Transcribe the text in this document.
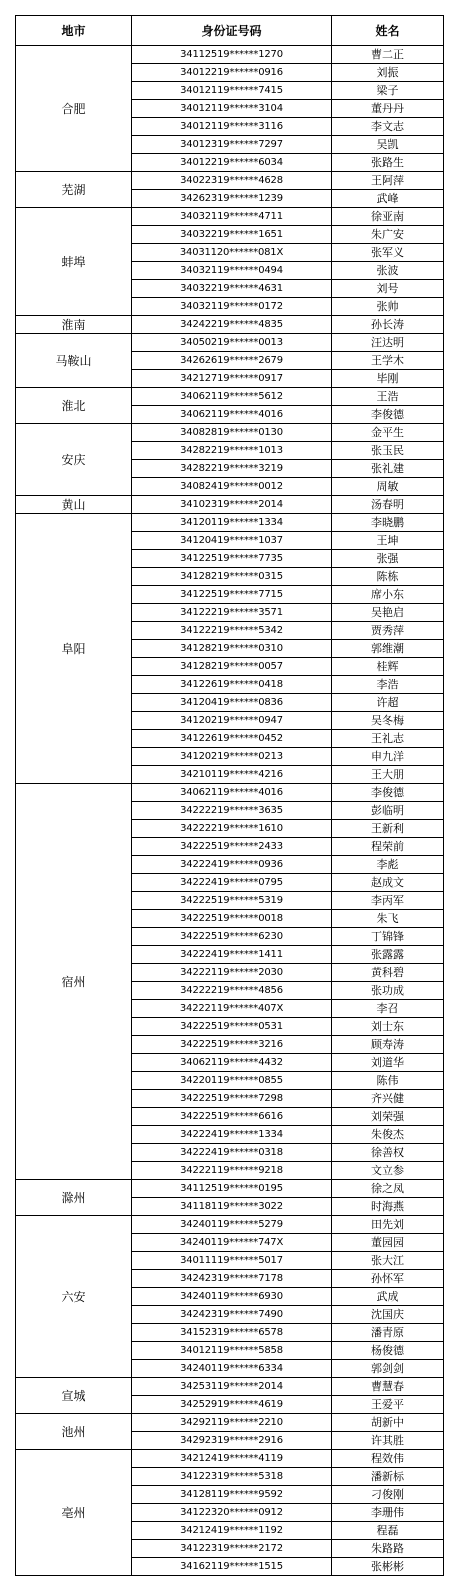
地市	身份证号码	姓名
合肥	34112519******1270	曹二正
	34012219******0916	刘振
	34012119******7415	梁子
	34012119******3104	董丹丹
	34012119******3116	李文志
	34012319******7297	吴凯
	34012219******6034	张路生
芜湖	34022319******4628	王阿萍
	34262319******1239	武峰
蚌埠	34032119******4711	徐亚南
	34032219******1651	朱广安
	34031120******081X	张军义
	34032119******0494	张波
	34032219******4631	刘号
	34032119******0172	张帅
淮南	34242219******4835	孙长涛
马鞍山	34050219******0013	汪达明
	34262619******2679	王学木
	34212719******0917	毕刚
淮北	34062119******5612	王浩
	34062119******4016	李俊德
安庆	34082819******0130	金平生
	34282219******1013	张玉民
	34282219******3219	张礼建
	34082419******0012	周敏
黄山	34102319******2014	汤春明
阜阳	34120119******1334	李晓鹏
	34120419******1037	王坤
	34122519******7735	张强
	34128219******0315	陈栋
	34122519******7715	席小东
	34122219******3571	吴艳启
	34122219******5342	贾秀萍
	34128219******0310	郭维潮
	34128219******0057	桂辉
	34122619******0418	李浩
	34120419******0836	许超
	34120219******0947	吴冬梅
	34122619******0452	王礼志
	34120219******0213	申九洋
	34210119******4216	王大朋
宿州	34062119******4016	李俊德
	34222219******3635	彭临明
	34222219******1610	王新利
	34222519******2433	程荣前
	34222419******0936	李彪
	34222419******0795	赵成文
	34222519******5319	李丙军
	34222519******0018	朱飞
	34222519******6230	丁锦锋
	34222419******1411	张露露
	34222119******2030	黄科碧
	34222219******4856	张功成
	34222119******407X	李召
	34222519******0531	刘士东
	34222519******3216	顾寿涛
	34062119******4432	刘道华
	34220119******0855	陈伟
	34222519******7298	齐兴健
	34222519******6616	刘荣强
	34222419******1334	朱俊杰
	34222419******0318	徐善权
	34222119******9218	文立参
滁州	34112519******0195	徐之凤
	34118119******3022	时海燕
六安	34240119******5279	田先刘
	34240119******747X	董园园
	34011119******5017	张大江
	34242319******7178	孙怀军
	34240119******6930	武成
	34242319******7490	沈国庆
	34152319******6578	潘青原
	34012119******5858	杨俊德
	34240119******6334	郭剑剑
宣城	34253119******2014	曹慧春
	34252919******4619	王爱平
池州	34292119******2210	胡新中
	34292319******2916	许其胜
亳州	34212419******4119	程效伟
	34122319******5318	潘新标
	34128119******9592	刁俊刚
	34122320******0912	李珊伟
	34212419******1192	程磊
	34122319******2172	朱路路
	34162119******1515	张彬彬
